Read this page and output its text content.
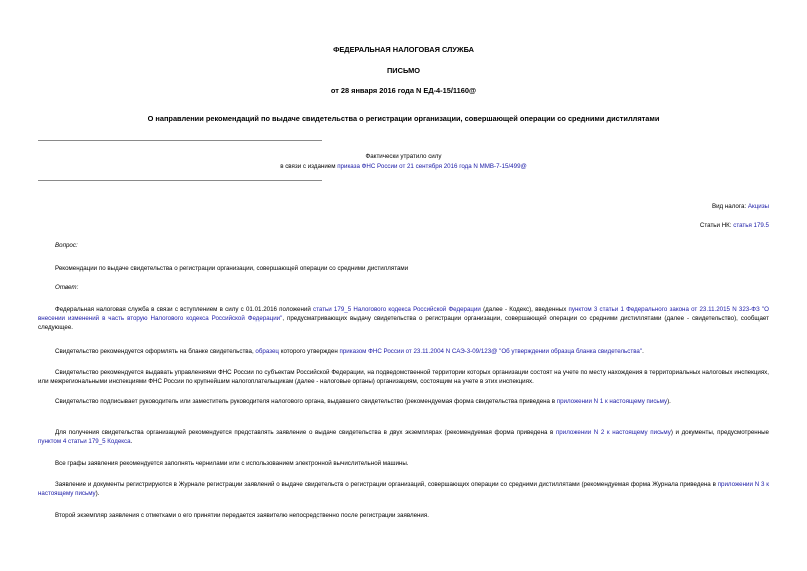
ФЕДЕРАЛЬНАЯ НАЛОГОВАЯ СЛУЖБА
ПИСЬМО
от 28 января 2016 года N ЕД-4-15/1160@
О направлении рекомендаций по выдаче свидетельства о регистрации организации, совершающей операции со средними дистиллятами
Фактически утратило силу
в связи с изданием приказа ФНС России от 21 сентября 2016 года N ММВ-7-15/499@
Вид налога: Акцизы
Статьи НК: статья 179.5
Вопрос:
Рекомендации по выдаче свидетельства о регистрации организации, совершающей операции со средними дистиллятами
Ответ:
Федеральная налоговая служба в связи с вступлением в силу с 01.01.2016 положений статьи 179_5 Налогового кодекса Российской Федерации (далее - Кодекс), введенных пунктом 3 статьи 1 Федерального закона от 23.11.2015 N 323-ФЗ "О внесении изменений в часть вторую Налогового кодекса Российской Федерации", предусматривающих выдачу свидетельства о регистрации организации, совершающей операции со средними дистиллятами (далее - свидетельство), сообщает следующее.
Свидетельство рекомендуется оформлять на бланке свидетельства, образец которого утвержден приказом ФНС России от 23.11.2004 N САЭ-3-09/123@ "Об утверждении образца бланка свидетельства".
Свидетельство рекомендуется выдавать управлениями ФНС России по субъектам Российской Федерации, на подведомственной территории которых организации состоят на учете по месту нахождения в территориальных налоговых инспекциях, или межрегиональными инспекциями ФНС России по крупнейшим налогоплательщикам (далее - налоговые органы) организациям, состоящим на учете в этих инспекциях.
Свидетельство подписывает руководитель или заместитель руководителя налогового органа, выдавшего свидетельство (рекомендуемая форма свидетельства приведена в приложении N 1 к настоящему письму).
Для получения свидетельства организацией рекомендуется представлять заявление о выдаче свидетельства в двух экземплярах (рекомендуемая форма приведена в приложении N 2 к настоящему письму) и документы, предусмотренные пунктом 4 статьи 179_5 Кодекса.
Все графы заявления рекомендуется заполнять чернилами или с использованием электронной вычислительной машины.
Заявление и документы регистрируются в Журнале регистрации заявлений о выдаче свидетельств о регистрации организаций, совершающих операции со средними дистиллятами (рекомендуемая форма Журнала приведена в приложении N 3 к настоящему письму).
Второй экземпляр заявления с отметками о его принятии передается заявителю непосредственно после регистрации заявления.
